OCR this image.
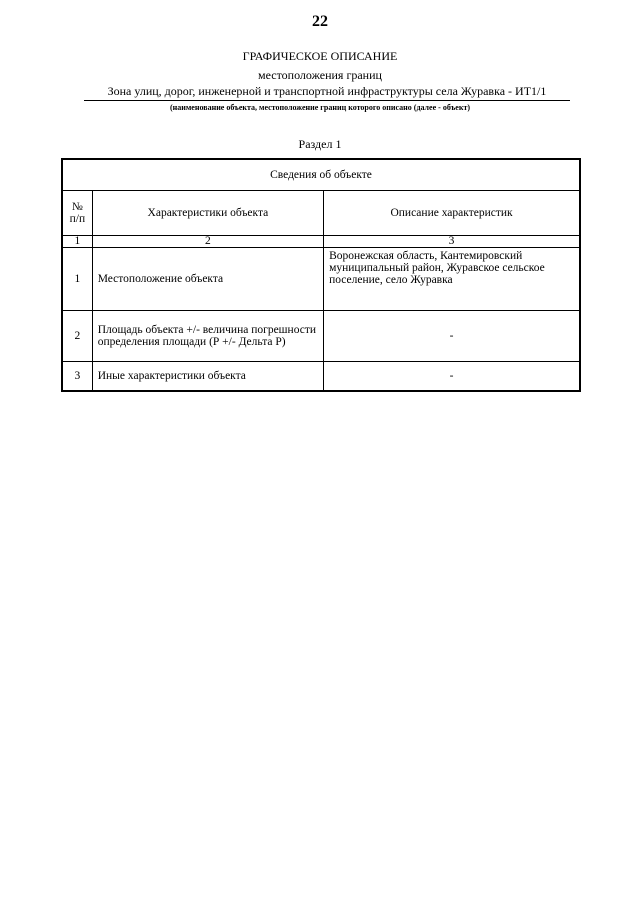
22
ГРАФИЧЕСКОЕ ОПИСАНИЕ
местоположения границ
Зона улиц, дорог, инженерной и транспортной инфраструктуры села Журавка - ИТ1/1
(наименование объекта, местоположение границ которого описано (далее - объект)
Раздел 1
Сведения об объекте		
№
п/п	Характеристики объекта	Описание характеристик
1	2	3
1	Местоположение объекта	Воронежская область, Кантемировский муниципальный район, Журавское сельское поселение, село Журавка
2	Площадь объекта +/- величина погрешности определения площади (Р +/- Дельта Р)	-
3	Иные характеристики объекта	-
